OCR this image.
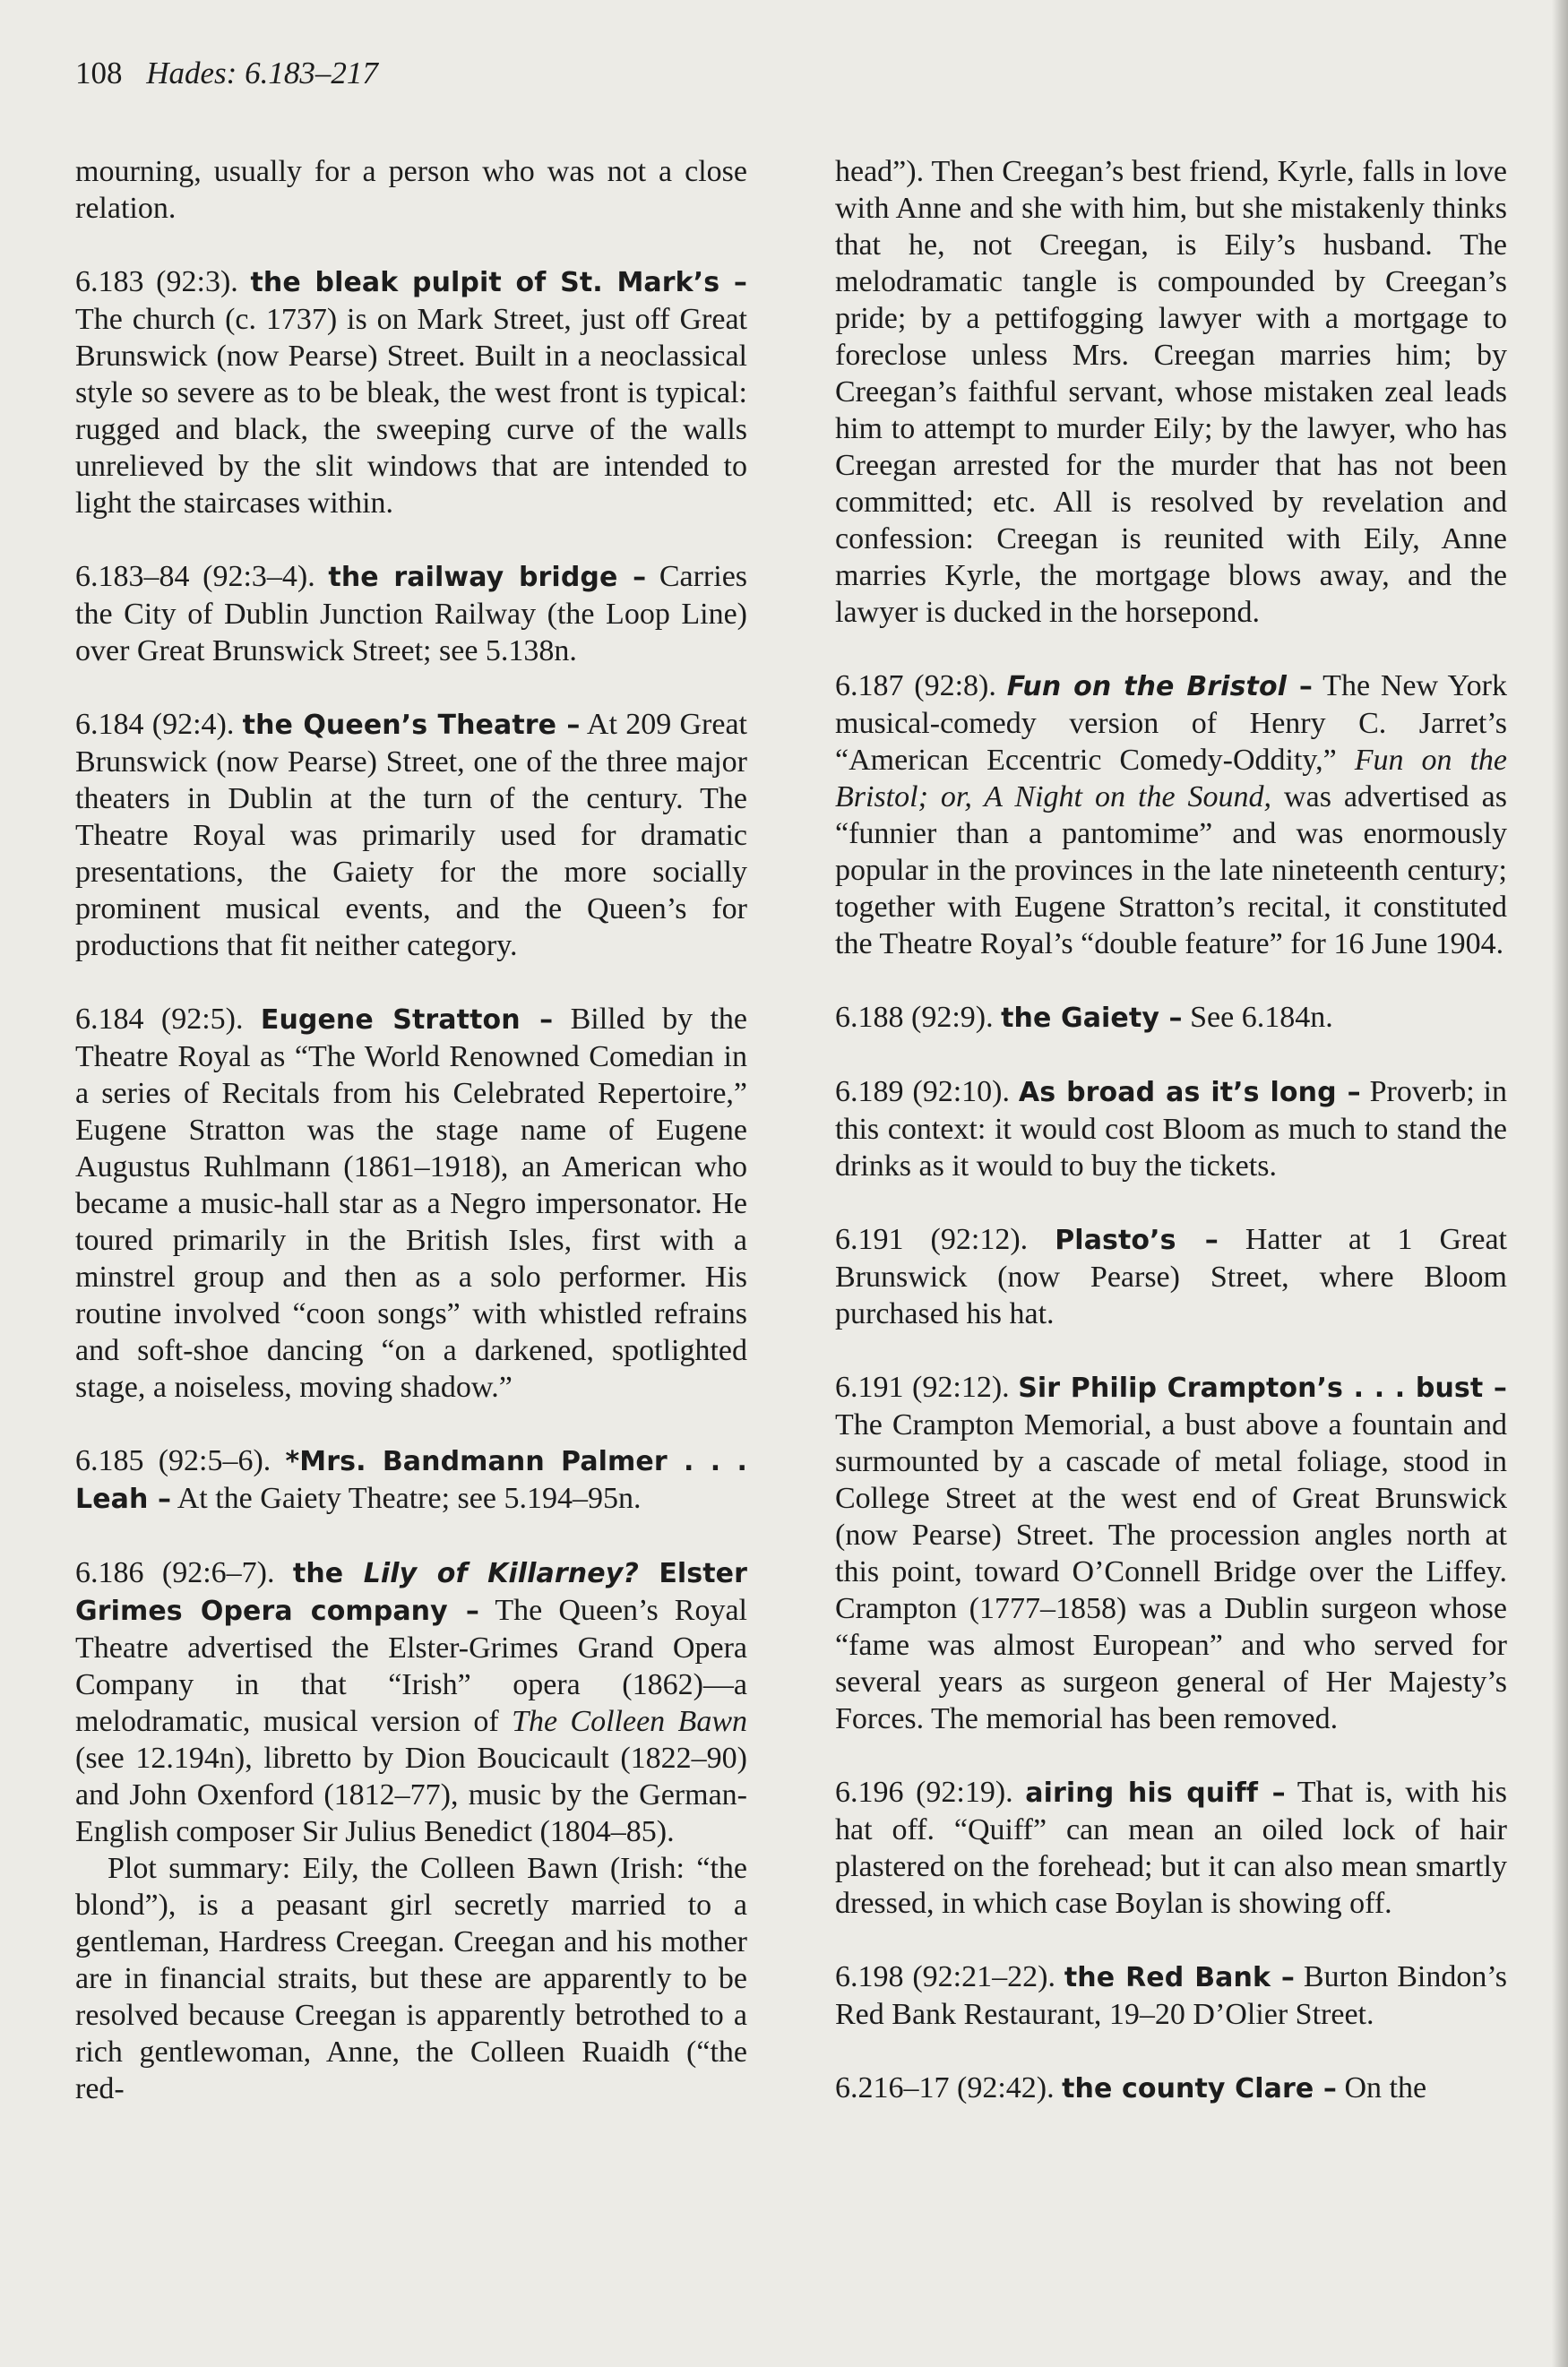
108 Hades: 6.183–217

mourning, usually for a person who was not a close relation.

6.183 (92:3). the bleak pulpit of St. Mark’s – The church (c. 1737) is on Mark Street, just off Great Brunswick (now Pearse) Street. Built in a neoclassical style so severe as to be bleak, the west front is typical: rugged and black, the sweeping curve of the walls unrelieved by the slit windows that are intended to light the staircases within.

6.183–84 (92:3–4). the railway bridge – Carries the City of Dublin Junction Railway (the Loop Line) over Great Brunswick Street; see 5.138n.

6.184 (92:4). the Queen’s Theatre – At 209 Great Brunswick (now Pearse) Street, one of the three major theaters in Dublin at the turn of the century. The Theatre Royal was primarily used for dramatic presentations, the Gaiety for the more socially prominent musical events, and the Queen’s for productions that fit neither category.

6.184 (92:5). Eugene Stratton – Billed by the Theatre Royal as “The World Renowned Comedian in a series of Recitals from his Celebrated Repertoire,” Eugene Stratton was the stage name of Eugene Augustus Ruhlmann (1861–1918), an American who became a music-hall star as a Negro impersonator. He toured primarily in the British Isles, first with a minstrel group and then as a solo performer. His routine involved “coon songs” with whistled refrains and soft-shoe dancing “on a darkened, spotlighted stage, a noiseless, moving shadow.”

6.185 (92:5–6). *Mrs. Bandmann Palmer . . . Leah – At the Gaiety Theatre; see 5.194–95n.

6.186 (92:6–7). the Lily of Killarney? Elster Grimes Opera company – The Queen’s Royal Theatre advertised the Elster-Grimes Grand Opera Company in that “Irish” opera (1862)—a melodramatic, musical version of The Colleen Bawn (see 12.194n), libretto by Dion Boucicault (1822–90) and John Oxenford (1812–77), music by the German-English composer Sir Julius Benedict (1804–85).

Plot summary: Eily, the Colleen Bawn (Irish: “the blond”), is a peasant girl secretly married to a gentleman, Hardress Creegan. Creegan and his mother are in financial straits, but these are apparently to be resolved because Creegan is apparently betrothed to a rich gentlewoman, Anne, the Colleen Ruaidh (“the red-

head”). Then Creegan’s best friend, Kyrle, falls in love with Anne and she with him, but she mistakenly thinks that he, not Creegan, is Eily’s husband. The melodramatic tangle is compounded by Creegan’s pride; by a pettifogging lawyer with a mortgage to foreclose unless Mrs. Creegan marries him; by Creegan’s faithful servant, whose mistaken zeal leads him to attempt to murder Eily; by the lawyer, who has Creegan arrested for the murder that has not been committed; etc. All is resolved by revelation and confession: Creegan is reunited with Eily, Anne marries Kyrle, the mortgage blows away, and the lawyer is ducked in the horsepond.

6.187 (92:8). Fun on the Bristol – The New York musical-comedy version of Henry C. Jarret’s “American Eccentric Comedy-Oddity,” Fun on the Bristol; or, A Night on the Sound, was advertised as “funnier than a pantomime” and was enormously popular in the provinces in the late nineteenth century; together with Eugene Stratton’s recital, it constituted the Theatre Royal’s “double feature” for 16 June 1904.

6.188 (92:9). the Gaiety – See 6.184n.

6.189 (92:10). As broad as it’s long – Proverb; in this context: it would cost Bloom as much to stand the drinks as it would to buy the tickets.

6.191 (92:12). Plasto’s – Hatter at 1 Great Brunswick (now Pearse) Street, where Bloom purchased his hat.

6.191 (92:12). Sir Philip Crampton’s . . . bust – The Crampton Memorial, a bust above a fountain and surmounted by a cascade of metal foliage, stood in College Street at the west end of Great Brunswick (now Pearse) Street. The procession angles north at this point, toward O’Connell Bridge over the Liffey. Crampton (1777–1858) was a Dublin surgeon whose “fame was almost European” and who served for several years as surgeon general of Her Majesty’s Forces. The memorial has been removed.

6.196 (92:19). airing his quiff – That is, with his hat off. “Quiff” can mean an oiled lock of hair plastered on the forehead; but it can also mean smartly dressed, in which case Boylan is showing off.

6.198 (92:21–22). the Red Bank – Burton Bindon’s Red Bank Restaurant, 19–20 D’Olier Street.

6.216–17 (92:42). the county Clare – On the
